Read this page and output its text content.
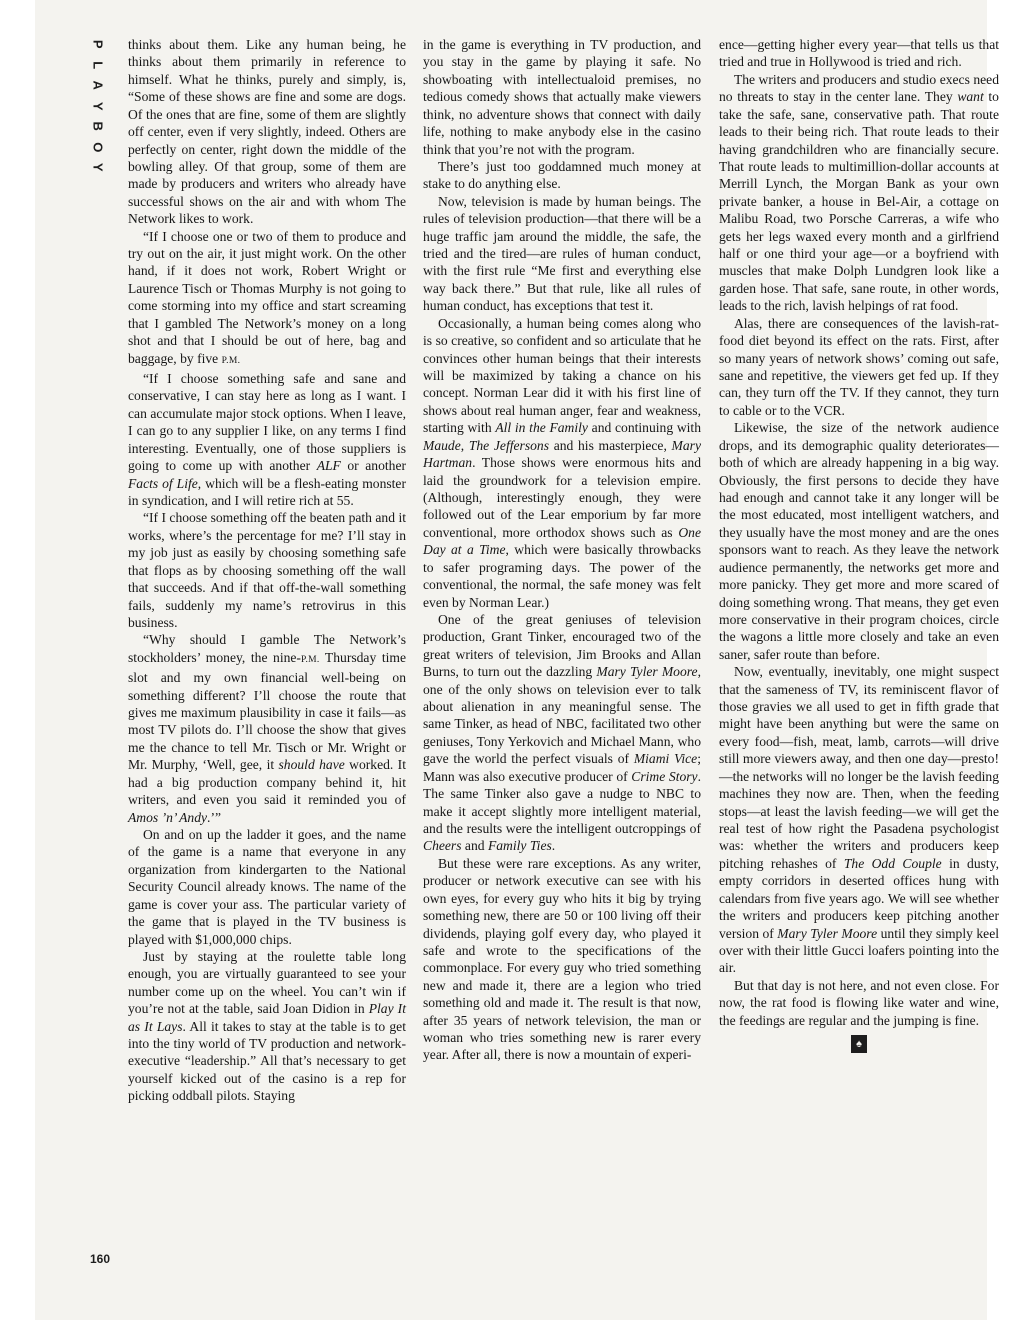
P
L
A
Y
B
O
Y

thinks about them. Like any human being, he thinks about them primarily in reference to himself. What he thinks, purely and simply, is, “Some of these shows are fine and some are dogs. Of the ones that are fine, some of them are slightly off center, even if very slightly, indeed. Others are perfectly on center, right down the middle of the bowling alley. Of that group, some of them are made by producers and writers who already have successful shows on the air and with whom The Network likes to work.

“If I choose one or two of them to produce and try out on the air, it just might work. On the other hand, if it does not work, Robert Wright or Laurence Tisch or Thomas Murphy is not going to come storming into my office and start screaming that I gambled The Network’s money on a long shot and that I should be out of here, bag and baggage, by five P.M.

“If I choose something safe and sane and conservative, I can stay here as long as I want. I can accumulate major stock options. When I leave, I can go to any supplier I like, on any terms I find interesting. Eventually, one of those suppliers is going to come up with another ALF or another Facts of Life, which will be a flesh-eating monster in syndication, and I will retire rich at 55.

“If I choose something off the beaten path and it works, where’s the percentage for me? I’ll stay in my job just as easily by choosing something safe that flops as by choosing something off the wall that succeeds. And if that off-the-wall something fails, suddenly my name’s retrovirus in this business.

“Why should I gamble The Network’s stockholders’ money, the nine-P.M. Thursday time slot and my own financial well-being on something different? I’ll choose the route that gives me maximum plausibility in case it fails—as most TV pilots do. I’ll choose the show that gives me the chance to tell Mr. Tisch or Mr. Wright or Mr. Murphy, ‘Well, gee, it should have worked. It had a big production company behind it, hit writers, and even you said it reminded you of Amos ’n’ Andy.’”

On and on up the ladder it goes, and the name of the game is a name that everyone in any organization from kindergarten to the National Security Council already knows. The name of the game is cover your ass. The particular variety of the game that is played in the TV business is played with $1,000,000 chips.

Just by staying at the roulette table long enough, you are virtually guaranteed to see your number come up on the wheel. You can’t win if you’re not at the table, said Joan Didion in Play It as It Lays. All it takes to stay at the table is to get into the tiny world of TV production and network-executive “leadership.” All that’s necessary to get yourself kicked out of the casino is a rep for picking oddball pilots. Staying

in the game is everything in TV production, and you stay in the game by playing it safe. No showboating with intellectualoid premises, no tedious comedy shows that actually make viewers think, no adventure shows that connect with daily life, nothing to make anybody else in the casino think that you’re not with the program.

There’s just too goddamned much money at stake to do anything else.

Now, television is made by human beings. The rules of television production—that there will be a huge traffic jam around the middle, the safe, the tried and the tired—are rules of human conduct, with the first rule “Me first and everything else way back there.” But that rule, like all rules of human conduct, has exceptions that test it.

Occasionally, a human being comes along who is so creative, so confident and so articulate that he convinces other human beings that their interests will be maximized by taking a chance on his concept. Norman Lear did it with his first line of shows about real human anger, fear and weakness, starting with All in the Family and continuing with Maude, The Jeffersons and his masterpiece, Mary Hartman. Those shows were enormous hits and laid the groundwork for a television empire. (Although, interestingly enough, they were followed out of the Lear emporium by far more conventional, more orthodox shows such as One Day at a Time, which were basically throwbacks to safer programing days. The power of the conventional, the normal, the safe money was felt even by Norman Lear.)

One of the great geniuses of television production, Grant Tinker, encouraged two of the great writers of television, Jim Brooks and Allan Burns, to turn out the dazzling Mary Tyler Moore, one of the only shows on television ever to talk about alienation in any meaningful sense. The same Tinker, as head of NBC, facilitated two other geniuses, Tony Yerkovich and Michael Mann, who gave the world the perfect visuals of Miami Vice; Mann was also executive producer of Crime Story. The same Tinker also gave a nudge to NBC to make it accept slightly more intelligent material, and the results were the intelligent outcroppings of Cheers and Family Ties.

But these were rare exceptions. As any writer, producer or network executive can see with his own eyes, for every guy who hits it big by trying something new, there are 50 or 100 living off their dividends, playing golf every day, who played it safe and wrote to the specifications of the commonplace. For every guy who tried something new and made it, there are a legion who tried something old and made it. The result is that now, after 35 years of network television, the man or woman who tries something new is rarer every year. After all, there is now a mountain of experi-

ence—getting higher every year—that tells us that tried and true in Hollywood is tried and rich.

The writers and producers and studio execs need no threats to stay in the center lane. They want to take the safe, sane, conservative path. That route leads to their being rich. That route leads to their having grandchildren who are financially secure. That route leads to multimillion-dollar accounts at Merrill Lynch, the Morgan Bank as your own private banker, a house in Bel-Air, a cottage on Malibu Road, two Porsche Carreras, a wife who gets her legs waxed every month and a girlfriend half or one third your age—or a boyfriend with muscles that make Dolph Lundgren look like a garden hose. That safe, sane route, in other words, leads to the rich, lavish helpings of rat food.

Alas, there are consequences of the lavish-rat-food diet beyond its effect on the rats. First, after so many years of network shows’ coming out safe, sane and repetitive, the viewers get fed up. If they can, they turn off the TV. If they cannot, they turn to cable or to the VCR.

Likewise, the size of the network audience drops, and its demographic quality deteriorates—both of which are already happening in a big way. Obviously, the first persons to decide they have had enough and cannot take it any longer will be the most educated, most intelligent watchers, and they usually have the most money and are the ones sponsors want to reach. As they leave the network audience permanently, the networks get more and more panicky. They get more and more scared of doing something wrong. That means, they get even more conservative in their program choices, circle the wagons a little more closely and take an even saner, safer route than before.

Now, eventually, inevitably, one might suspect that the sameness of TV, its reminiscent flavor of those gravies we all used to get in fifth grade that might have been anything but were the same on every food—fish, meat, lamb, carrots—will drive still more viewers away, and then one day—presto!—the networks will no longer be the lavish feeding machines they now are. Then, when the feeding stops—at least the lavish feeding—we will get the real test of how right the Pasadena psychologist was: whether the writers and producers keep pitching rehashes of The Odd Couple in dusty, empty corridors in deserted offices hung with calendars from five years ago. We will see whether the writers and producers keep pitching another version of Mary Tyler Moore until they simply keel over with their little Gucci loafers pointing into the air.

But that day is not here, and not even close. For now, the rat food is flowing like water and wine, the feedings are regular and the jumping is fine.

♠
160
